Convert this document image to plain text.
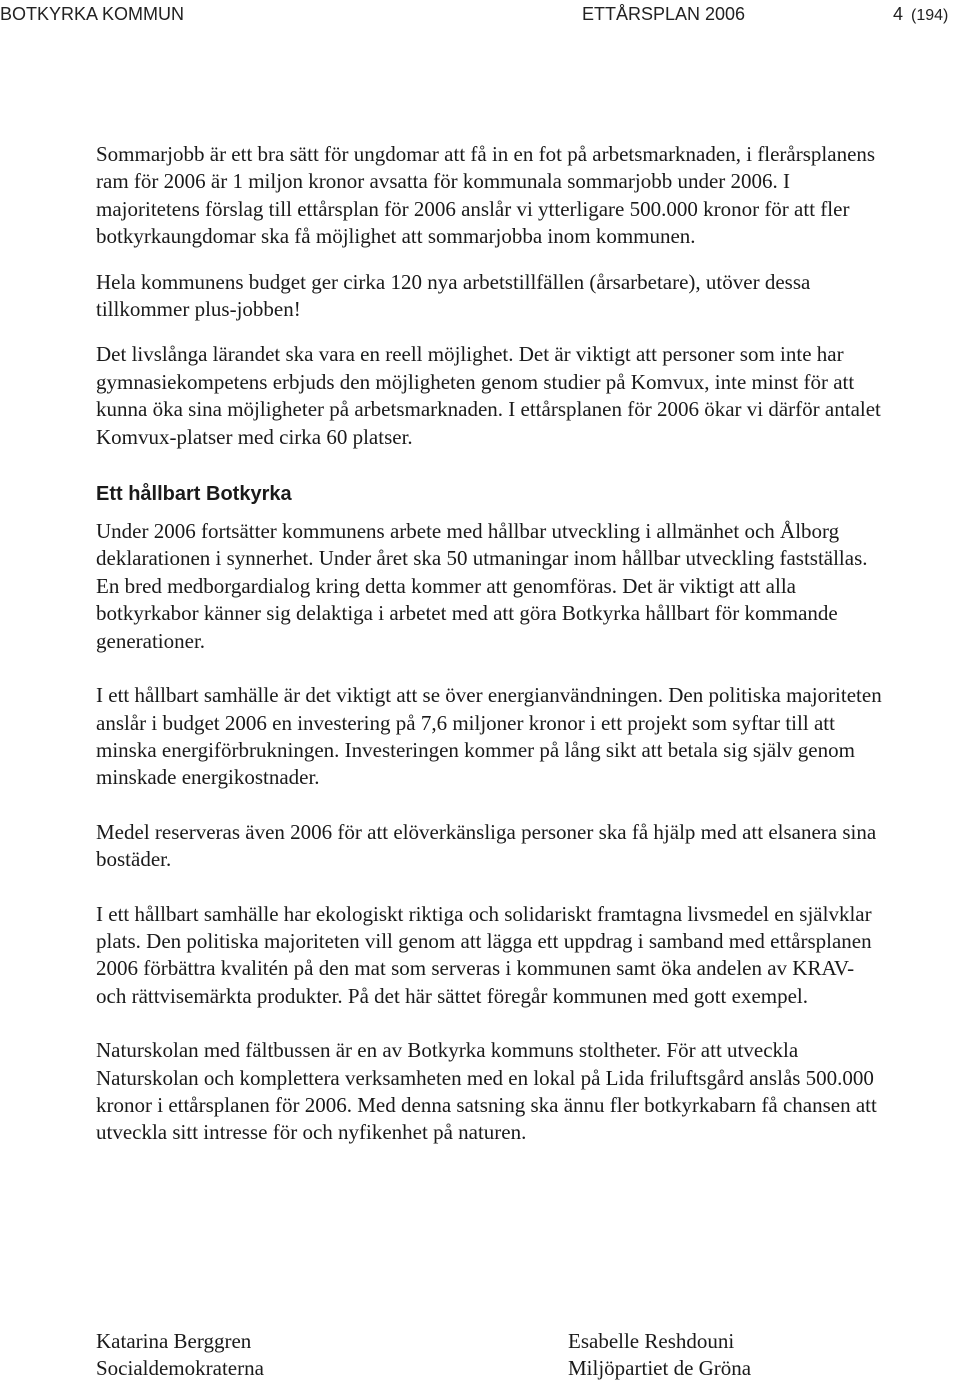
BOTKYRKA KOMMUN	ETTÅRSPLAN 2006	4 (194)

Sommarjobb är ett bra sätt för ungdomar att få in en fot på arbetsmarknaden, i flerårsplanens ram för 2006 är 1 miljon kronor avsatta för kommunala sommarjobb under 2006. I majoritetens förslag till ettårsplan för 2006 anslår vi ytterligare 500.000 kronor för att fler botkyrkaungdomar ska få möjlighet att sommarjobba inom kommunen.

Hela kommunens budget ger cirka 120 nya arbetstillfällen (årsarbetare), utöver dessa tillkommer plus-jobben!

Det livslånga lärandet ska vara en reell möjlighet. Det är viktigt att personer som inte har gymnasiekompetens erbjuds den möjligheten genom studier på Komvux, inte minst för att kunna öka sina möjligheter på arbetsmarknaden. I ettårsplanen för 2006 ökar vi därför antalet Komvux-platser med cirka 60 platser.

Ett hållbart Botkyrka

Under 2006 fortsätter kommunens arbete med hållbar utveckling i allmänhet och Ålborg deklarationen i synnerhet. Under året ska 50 utmaningar inom hållbar utveckling fastställas. En bred medborgardialog kring detta kommer att genomföras. Det är viktigt att alla botkyrkabor känner sig delaktiga i arbetet med att göra Botkyrka hållbart för kommande generationer.

I ett hållbart samhälle är det viktigt att se över energianvändningen. Den politiska majoriteten anslår i budget 2006 en investering på 7,6 miljoner kronor i ett projekt som syftar till att minska energiförbrukningen. Investeringen kommer på lång sikt att betala sig själv genom minskade energikostnader.

Medel reserveras även 2006 för att elöverkänsliga personer ska få hjälp med att elsanera sina bostäder.

I ett hållbart samhälle har ekologiskt riktiga och solidariskt framtagna livsmedel en självklar plats. Den politiska majoriteten vill genom att lägga ett uppdrag i samband med ettårsplanen 2006 förbättra kvalitén på den mat som serveras i kommunen samt öka andelen av KRAV- och rättvisemärkta produkter. På det här sättet föregår kommunen med gott exempel.

Naturskolan med fältbussen är en av Botkyrka kommuns stoltheter. För att utveckla Naturskolan och komplettera verksamheten med en lokal på Lida friluftsgård anslås 500.000 kronor i ettårsplanen för 2006. Med denna satsning ska ännu fler botkyrkabarn få chansen att utveckla sitt intresse för och nyfikenhet på naturen.

Katarina Berggren
Socialdemokraterna
Esabelle Reshdouni
Miljöpartiet de Gröna
